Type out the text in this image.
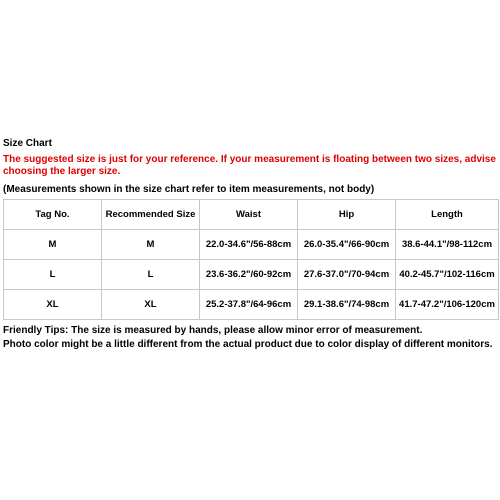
Size Chart
The suggested size is just for your reference. If your measurement is floating between two sizes, advise choosing the larger size.
(Measurements shown in the size chart refer to item measurements, not body)
Tag No.	Recommended Size	Waist	Hip	Length
M	M	22.0-34.6"/56-88cm	26.0-35.4"/66-90cm	38.6-44.1"/98-112cm
L	L	23.6-36.2"/60-92cm	27.6-37.0"/70-94cm	40.2-45.7"/102-116cm
XL	XL	25.2-37.8"/64-96cm	29.1-38.6"/74-98cm	41.7-47.2"/106-120cm
Friendly Tips: The size is measured by hands, please allow minor error of measurement.
Photo color might be a little different from the actual product due to color display of different monitors.
